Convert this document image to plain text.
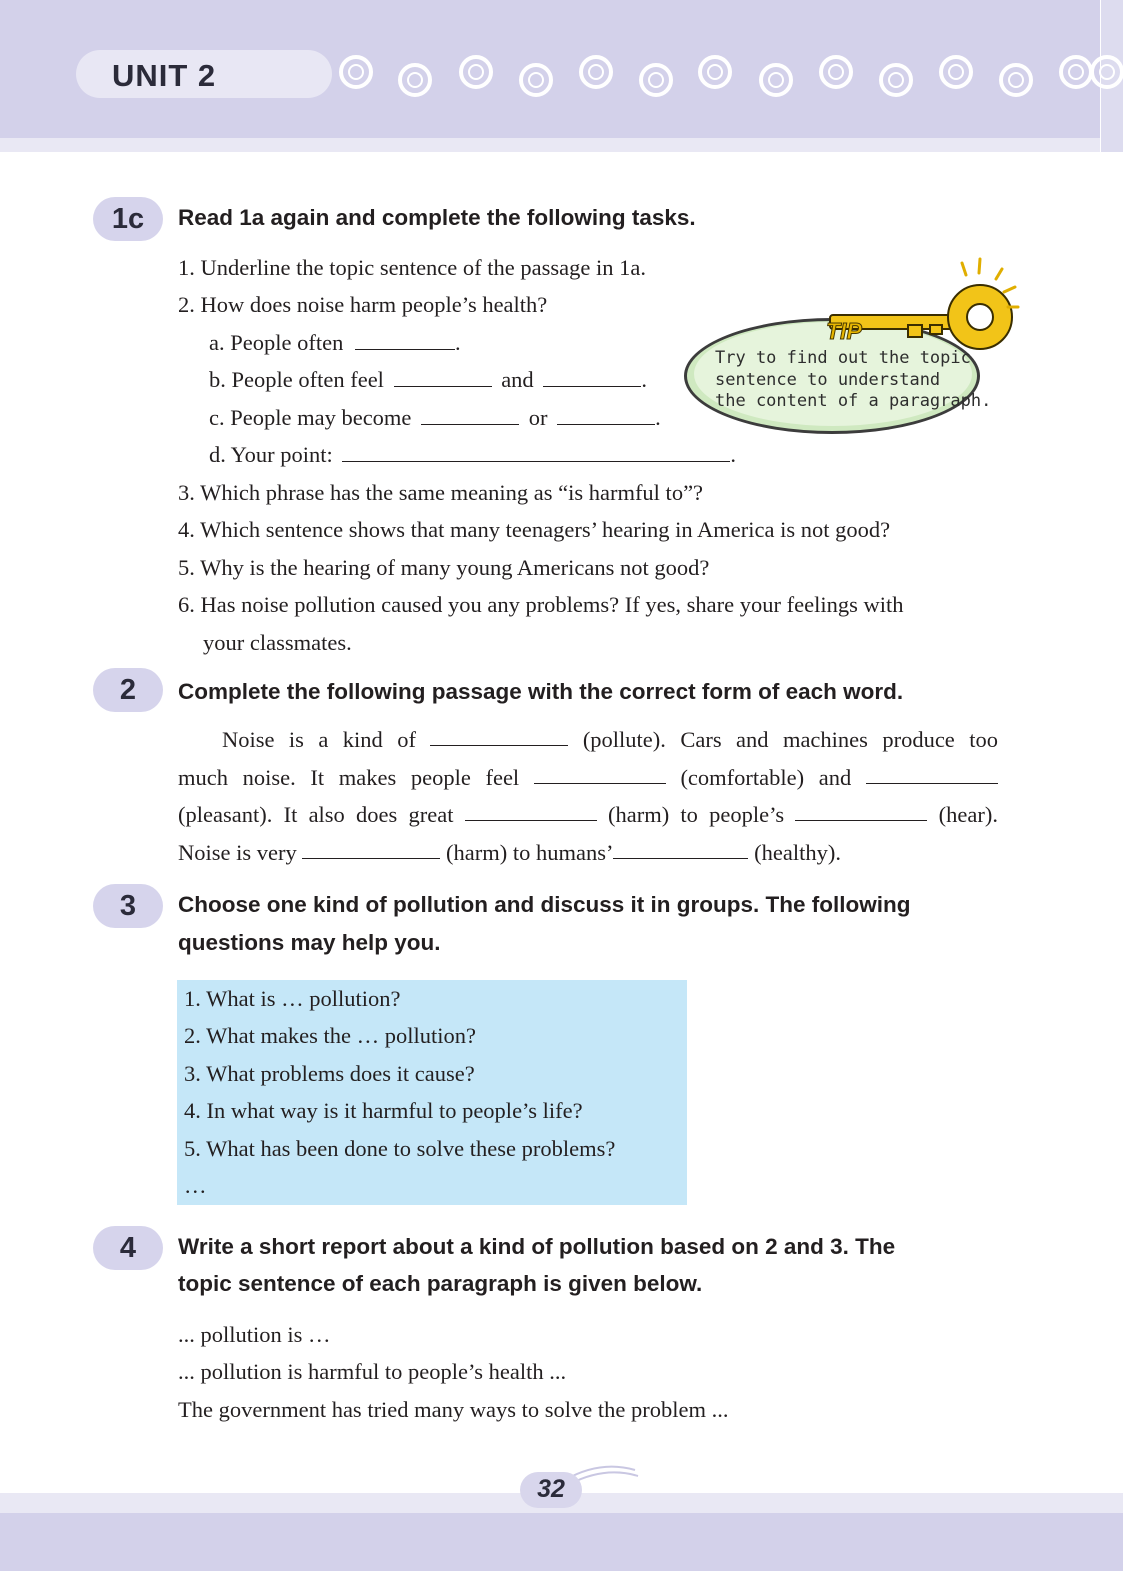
UNIT 2
1c	Read 1a again and complete the following tasks.
1. Underline the topic sentence of the passage in 1a.
2. How does noise harm people’s health?
a. People often	.
b. People often feel	and	.
c. People may become	or	.
d. Your point:	.
3. Which phrase has the same meaning as “is harmful to”?
4. Which sentence shows that many teenagers’ hearing in America is not good?
5. Why is the hearing of many young Americans not good?
6. Has noise pollution caused you any problems? If yes, share your feelings with
your classmates.
TIP
Try to find out the topic
sentence to understand
the content of a paragraph.
2	Complete the following passage with the correct form of each word.
Noise is a kind of	(pollute). Cars and machines produce too
much noise. It makes people feel	(comfortable) and
(pleasant). It also does great	(harm) to people’s	(hear).
Noise
is
very

	(harm)
to
humans’
	(healthy).
3	Choose one kind of pollution and discuss it in groups. The following
questions may help you.
1. What is … pollution?
2. What makes the … pollution?
3. What problems does it cause?
4. In what way is it harmful to people’s life?
5. What has been done to solve these problems?
…
4	Write a short report about a kind of pollution based on 2 and 3. The
topic sentence of each paragraph is given below.
... pollution is …
... pollution is harmful to people’s health ...
The government has tried many ways to solve the problem ...
32
